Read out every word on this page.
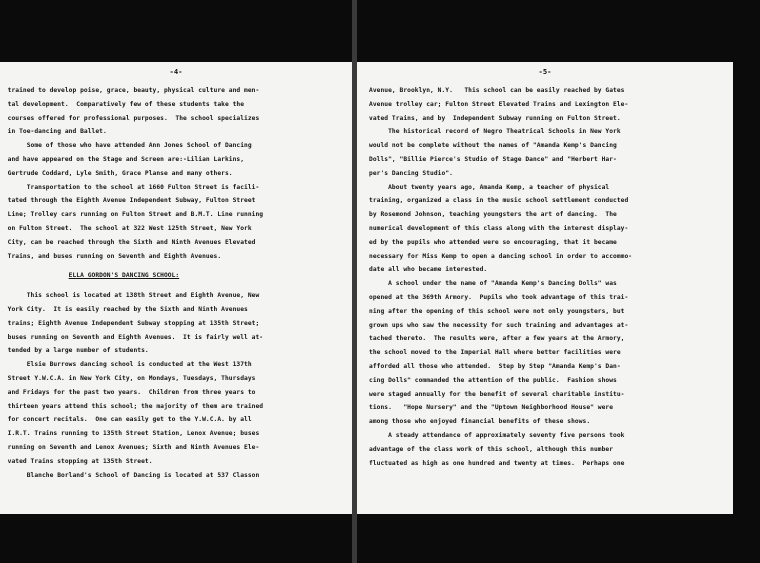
-4-
trained to develop poise, grace, beauty, physical culture and men-
tal development.  Comparatively few of these students take the
courses offered for professional purposes.  The school specializes
in Toe-dancing and Ballet.
Some of those who have attended Ann Jones School of Dancing
and have appeared on the Stage and Screen are:-Lilian Larkins,
Gertrude Coddard, Lyle Smith, Grace Planse and many others.
Transportation to the school at 1660 Fulton Street is facili-
tated through the Eighth Avenue Independent Subway, Fulton Street
Line; Trolley cars running on Fulton Street and B.M.T. Line running
on Fulton Street.  The school at 322 West 125th Street, New York
City, can be reached through the Sixth and Ninth Avenues Elevated
Trains, and buses running on Seventh and Eighth Avenues.
ELLA GORDON'S DANCING SCHOOL:
This school is located at 138th Street and Eighth Avenue, New
York City.  It is easily reached by the Sixth and Ninth Avenues
trains; Eighth Avenue Independent Subway stopping at 135th Street;
buses running on Seventh and Eighth Avenues.  It is fairly well at-
tended by a large number of students.
Elsie Burrows dancing school is conducted at the West 137th
Street Y.W.C.A. in New York City, on Mondays, Tuesdays, Thursdays
and Fridays for the past two years.  Children from three years to
thirteen years attend this school; the majority of them are trained
for concert recitals.  One can easily get to the Y.W.C.A. by all
I.R.T. Trains running to 135th Street Station, Lenox Avenue; buses
running on Seventh and Lenox Avenues; Sixth and Ninth Avenues Ele-
vated Trains stopping at 135th Street.
Blanche Borland's School of Dancing is located at 537 Classon
-5-
Avenue, Brooklyn, N.Y.   This school can be easily reached by Gates
Avenue trolley car; Fulton Street Elevated Trains and Lexington Ele-
vated Trains, and by  Independent Subway running on Fulton Street.
The historical record of Negro Theatrical Schools in New York
would not be complete without the names of "Amanda Kemp's Dancing
Dolls", "Billie Pierce's Studio of Stage Dance" and "Herbert Har-
per's Dancing Studio".
About twenty years ago, Amanda Kemp, a teacher of physical
training, organized a class in the music school settlement conducted
by Rosemond Johnson, teaching youngsters the art of dancing.  The
numerical development of this class along with the interest display-
ed by the pupils who attended were so encouraging, that it became
necessary for Miss Kemp to open a dancing school in order to accommo-
date all who became interested.
A school under the name of "Amanda Kemp's Dancing Dolls" was
opened at the 369th Armory.  Pupils who took advantage of this trai-
ning after the opening of this school were not only youngsters, but
grown ups who saw the necessity for such training and advantages at-
tached thereto.  The results were, after a few years at the Armory,
the school moved to the Imperial Hall where better facilities were
afforded all those who attended.  Step by Step "Amanda Kemp's Dan-
cing Dolls" commanded the attention of the public.  Fashion shows
were staged annually for the benefit of several charitable institu-
tions.   "Hope Nursery" and the "Uptown Neighborhood House" were
among those who enjoyed financial benefits of these shows.
A steady attendance of approximately seventy five persons took
advantage of the class work of this school, although this number
fluctuated as high as one hundred and twenty at times.  Perhaps one
